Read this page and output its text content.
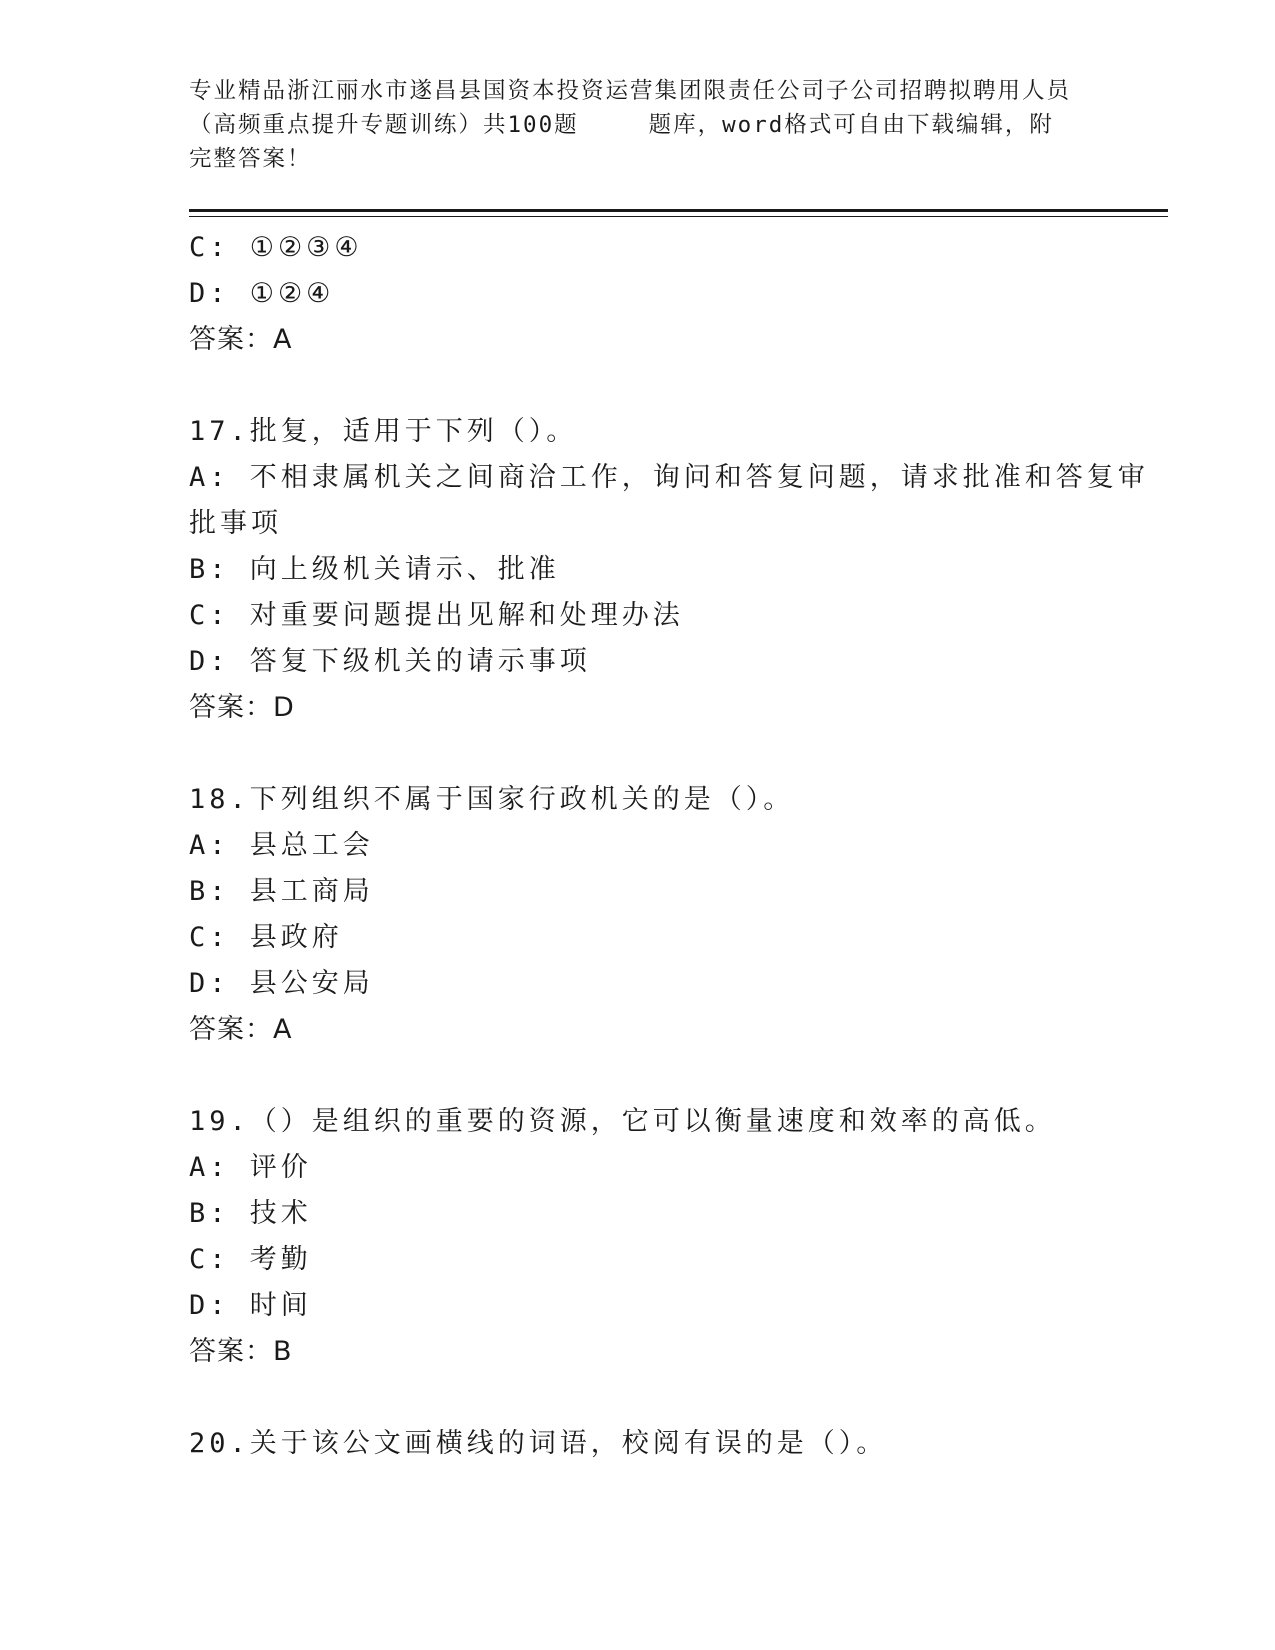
专业精品浙江丽水市遂昌县国资本投资运营集团限责任公司子公司招聘拟聘用人员
（高频重点提升专题训练）共100题	题库，word格式可自由下载编辑，附
完整答案！
C: ①②③④
D: ①②④
答案：A
17.批复，适用于下列（）。
A: 不相隶属机关之间商洽工作，询问和答复问题，请求批准和答复审
批事项
B: 向上级机关请示、批准
C: 对重要问题提出见解和处理办法
D: 答复下级机关的请示事项
答案：D
18.下列组织不属于国家行政机关的是（）。
A: 县总工会
B: 县工商局
C: 县政府
D: 县公安局
答案：A
19.（）是组织的重要的资源，它可以衡量速度和效率的高低。
A: 评价
B: 技术
C: 考勤
D: 时间
答案：B
20.关于该公文画横线的词语，校阅有误的是（）。
